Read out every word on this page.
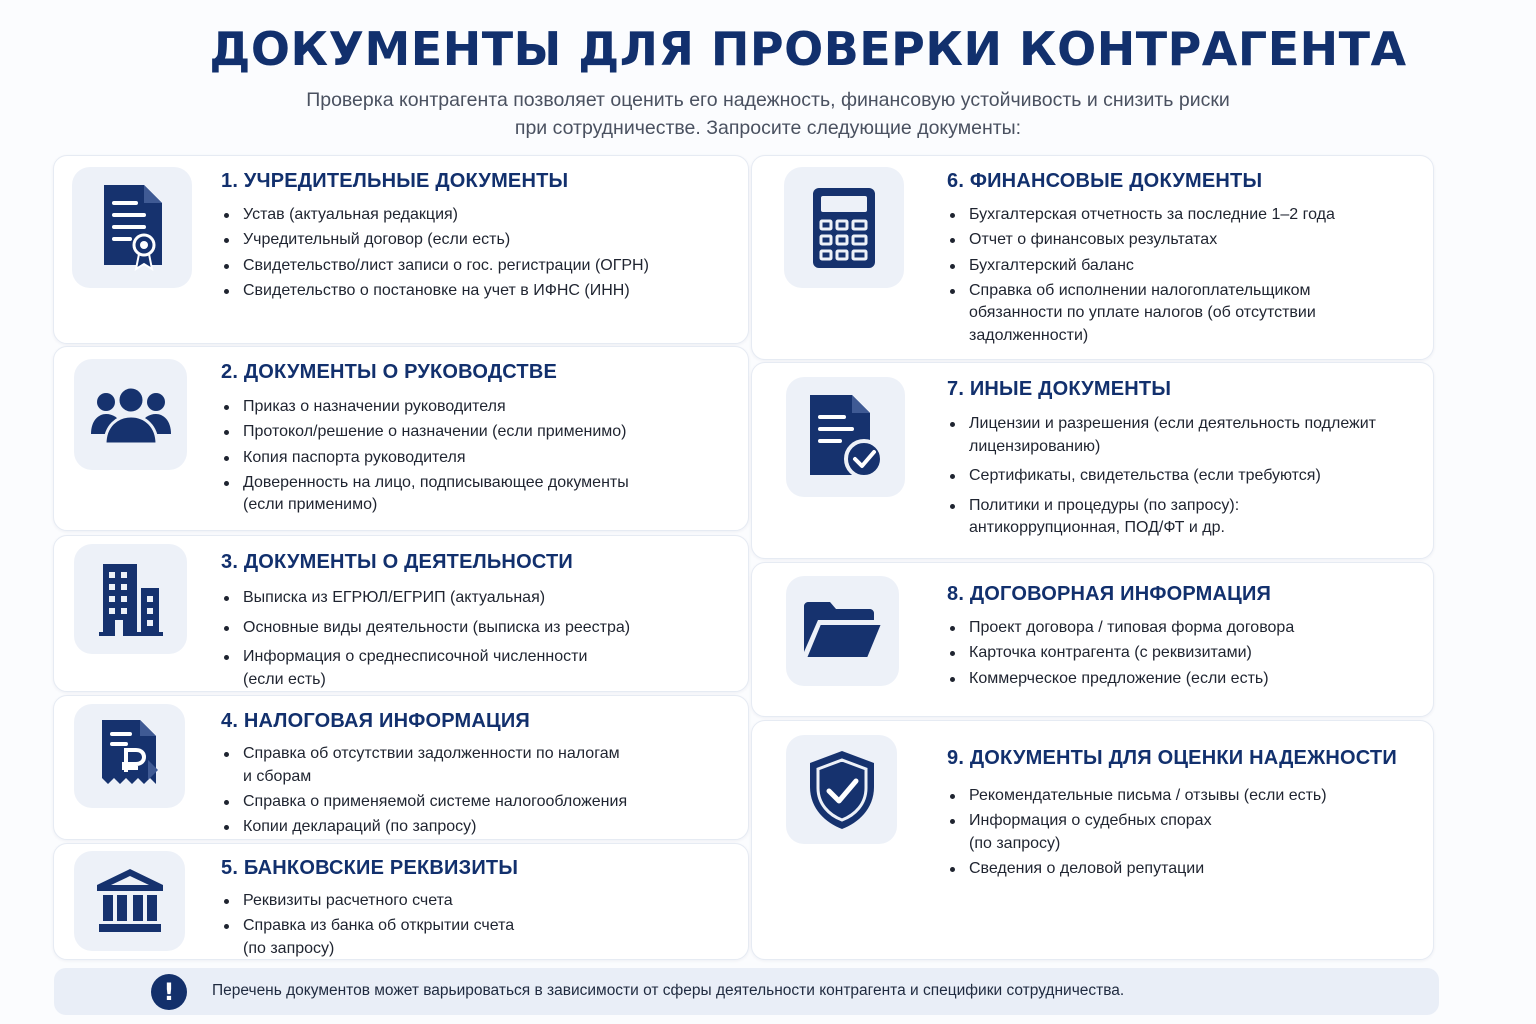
ДОКУМЕНТЫ ДЛЯ ПРОВЕРКИ КОНТРАГЕНТА
Проверка контрагента позволяет оценить его надежность, финансовую устойчивость и снизить риски
при сотрудничестве. Запросите следующие документы:
1. УЧРЕДИТЕЛЬНЫЕ ДОКУМЕНТЫ
Устав (актуальная редакция)
Учредительный договор (если есть)
Свидетельство/лист записи о гос. регистрации (ОГРН)
Свидетельство о постановке на учет в ИФНС (ИНН)
2. ДОКУМЕНТЫ О РУКОВОДСТВЕ
Приказ о назначении руководителя
Протокол/решение о назначении (если применимо)
Копия паспорта руководителя
Доверенность на лицо, подписывающее документы
(если применимо)
3. ДОКУМЕНТЫ О ДЕЯТЕЛЬНОСТИ
Выписка из ЕГРЮЛ/ЕГРИП (актуальная)
Основные виды деятельности (выписка из реестра)
Информация о среднесписочной численности
(если есть)
4. НАЛОГОВАЯ ИНФОРМАЦИЯ
Справка об отсутствии задолженности по налогам
и сборам
Справка о применяемой системе налогообложения
Копии деклараций (по запросу)
5. БАНКОВСКИЕ РЕКВИЗИТЫ
Реквизиты расчетного счета
Справка из банка об открытии счета
(по запросу)
6. ФИНАНСОВЫЕ ДОКУМЕНТЫ
Бухгалтерская отчетность за последние 1–2 года
Отчет о финансовых результатах
Бухгалтерский баланс
Справка об исполнении налогоплательщиком
обязанности по уплате налогов (об отсутствии
задолженности)
7. ИНЫЕ ДОКУМЕНТЫ
Лицензии и разрешения (если деятельность подлежит
лицензированию)
Сертификаты, свидетельства (если требуются)
Политики и процедуры (по запросу):
антикоррупционная, ПОД/ФТ и др.
8. ДОГОВОРНАЯ ИНФОРМАЦИЯ
Проект договора / типовая форма договора
Карточка контрагента (с реквизитами)
Коммерческое предложение (если есть)
9. ДОКУМЕНТЫ ДЛЯ ОЦЕНКИ НАДЕЖНОСТИ
Рекомендательные письма / отзывы (если есть)
Информация о судебных спорах
(по запросу)
Сведения о деловой репутации
!	Перечень документов может варьироваться в зависимости от сферы деятельности контрагента и специфики сотрудничества.
